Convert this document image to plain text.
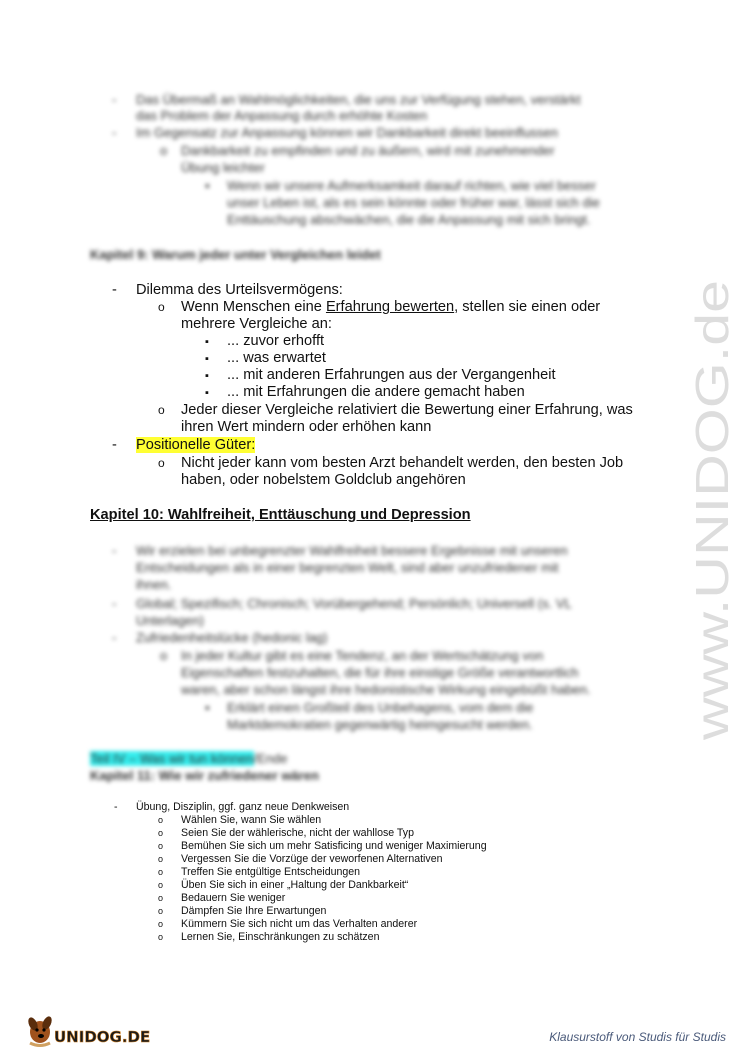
- Das Übermaß an Wahlmöglichkeiten, die uns zur Verfügung stehen, verstärkt
das Problem der Anpassung durch erhöhte Kosten
- Im Gegensatz zur Anpassung können wir Dankbarkeit direkt beeinflussen
o Dankbarkeit zu empfinden und zu äußern, wird mit zunehmender
Übung leichter
▪ Wenn wir unsere Aufmerksamkeit darauf richten, wie viel besser
unser Leben ist, als es sein könnte oder früher war, lässt sich die
Enttäuschung abschwächen, die die Anpassung mit sich bringt.
Kapitel 9: Warum jeder unter Vergleichen leidet
- Dilemma des Urteilsvermögens:
o Wenn Menschen eine Erfahrung bewerten, stellen sie einen oder
mehrere Vergleiche an:
▪ ... zuvor erhofft
▪ ... was erwartet
▪ ... mit anderen Erfahrungen aus der Vergangenheit
▪ ... mit Erfahrungen die andere gemacht haben
o Jeder dieser Vergleiche relativiert die Bewertung einer Erfahrung, was
ihren Wert mindern oder erhöhen kann
- Positionelle Güter:
o Nicht jeder kann vom besten Arzt behandelt werden, den besten Job
haben, oder nobelstem Goldclub angehören
Kapitel 10: Wahlfreiheit, Enttäuschung und Depression
- Wir erzielen bei unbegrenzter Wahlfreiheit bessere Ergebnisse mit unseren
Entscheidungen als in einer begrenzten Welt, sind aber unzufriedener mit
ihnen.
- Global; Spezifisch; Chronisch; Vorübergehend; Persönlich; Universell (s. VL
Unterlagen)
- Zufriedenheitslücke (hedonic lag)
o In jeder Kultur gibt es eine Tendenz, an der Wertschätzung von
Eigenschaften festzuhalten, die für ihre einstige Größe verantwortlich
waren, aber schon längst ihre hedonistische Wirkung eingebüßt haben.
▪ Erklärt einen Großteil des Unbehagens, vom dem die
Marktdemokratien gegenwärtig heimgesucht werden.
Teil IV – Was wir tun können/Ende
Kapitel 11: Wie wir zufriedener wären
- Übung, Disziplin, ggf. ganz neue Denkweisen
o Wählen Sie, wann Sie wählen
o Seien Sie der wählerische, nicht der wahllose Typ
o Bemühen Sie sich um mehr Satisficing und weniger Maximierung
o Vergessen Sie die Vorzüge der veworfenen Alternativen
o Treffen Sie entgültige Entscheidungen
o Üben Sie sich in einer „Haltung der Dankbarkeit“
o Bedauern Sie weniger
o Dämpfen Sie Ihre Erwartungen
o Kümmern Sie sich nicht um das Verhalten anderer
o Lernen Sie, Einschränkungen zu schätzen
www.UNIDOG.de
UNIDOG.DE	Klausurstoff von Studis für Studis
